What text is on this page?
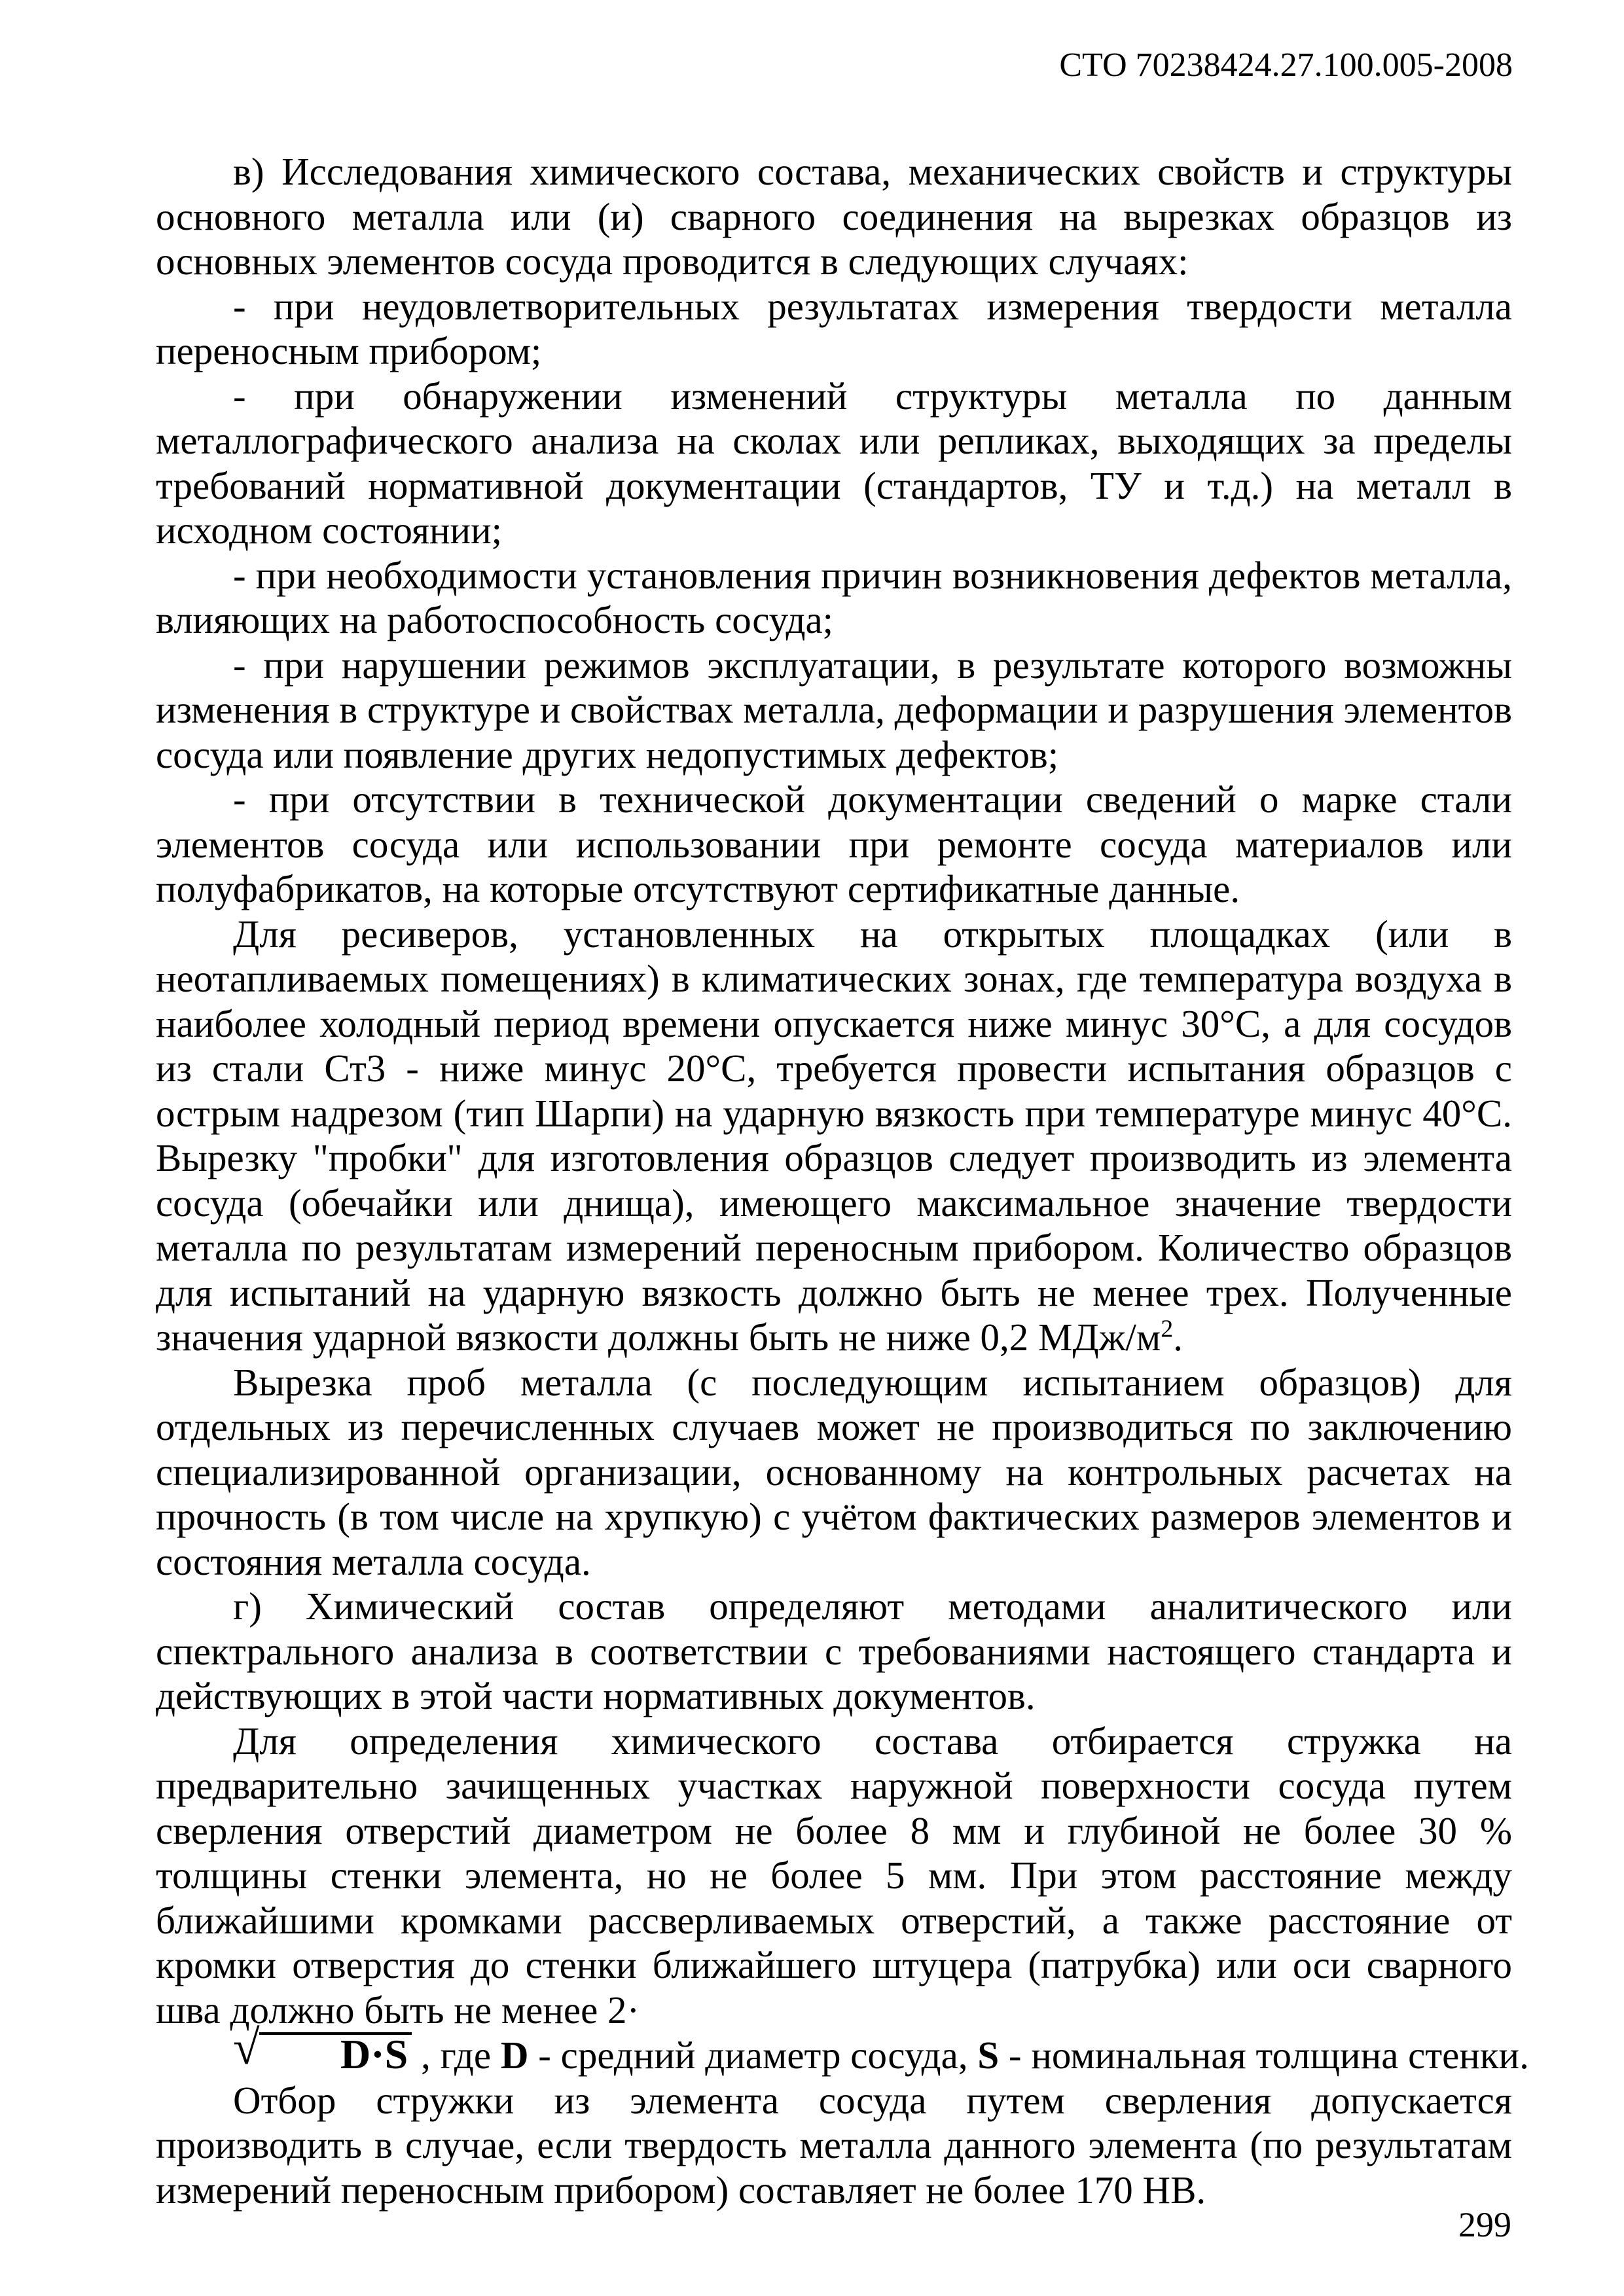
СТО 70238424.27.100.005-2008

в) Исследования химического состава, механических свойств и структуры основного металла или (и) сварного соединения на вырезках образцов из основных элементов сосуда проводится в следующих случаях:

- при неудовлетворительных результатах измерения твердости металла переносным прибором;

- при обнаружении изменений структуры металла по данным металлографического анализа на сколах или репликах, выходящих за пределы требований нормативной документации (стандартов, ТУ и т.д.) на металл в исходном состоянии;

- при необходимости установления причин возникновения дефектов металла, влияющих на работоспособность сосуда;

- при нарушении режимов эксплуатации, в результате которого возможны изменения в структуре и свойствах металла, деформации и разрушения элементов сосуда или появление других недопустимых дефектов;

- при отсутствии в технической документации сведений о марке стали элементов сосуда или использовании при ремонте сосуда материалов или полуфабрикатов, на которые отсутствуют сертификатные данные.

Для ресиверов, установленных на открытых площадках (или в неотапливаемых помещениях) в климатических зонах, где температура воздуха в наиболее холодный период времени опускается ниже минус 30°С, а для сосудов из стали Ст3 - ниже минус 20°С, требуется провести испытания образцов с острым надрезом (тип Шарпи) на ударную вязкость при температуре минус 40°С. Вырезку "пробки" для изготовления образцов следует производить из элемента сосуда (обечайки или днища), имеющего максимальное значение твердости металла по результатам измерений переносным прибором. Количество образцов для испытаний на ударную вязкость должно быть не менее трех. Полученные значения ударной вязкости должны быть не ниже 0,2 МДж/$м^2$.

Вырезка проб металла (с последующим испытанием образцов) для отдельных из перечисленных случаев может не производиться по заключению специализированной организации, основанному на контрольных расчетах на прочность (в том числе на хрупкую) с учётом фактических размеров элементов и состояния металла сосуда.

г) Химический состав определяют методами аналитического или спектрального анализа в соответствии с требованиями настоящего стандарта и действующих в этой части нормативных документов.

Для определения химического состава отбирается стружка на предварительно зачищенных участках наружной поверхности сосуда путем сверления отверстий диаметром не более 8 мм и глубиной не более 30 % толщины стенки элемента, но не более 5 мм. При этом расстояние между ближайшими кромками рассверливаемых отверстий, а также расстояние от кромки отверстия до стенки ближайшего штуцера (патрубка) или оси сварного шва должно быть не менее 2·

√ D·S , где D - средний диаметр сосуда, S - номинальная толщина стенки.

Отбор стружки из элемента сосуда путем сверления допускается производить в случае, если твердость металла данного элемента (по результатам измерений переносным прибором) составляет не более 170 НВ.

299
